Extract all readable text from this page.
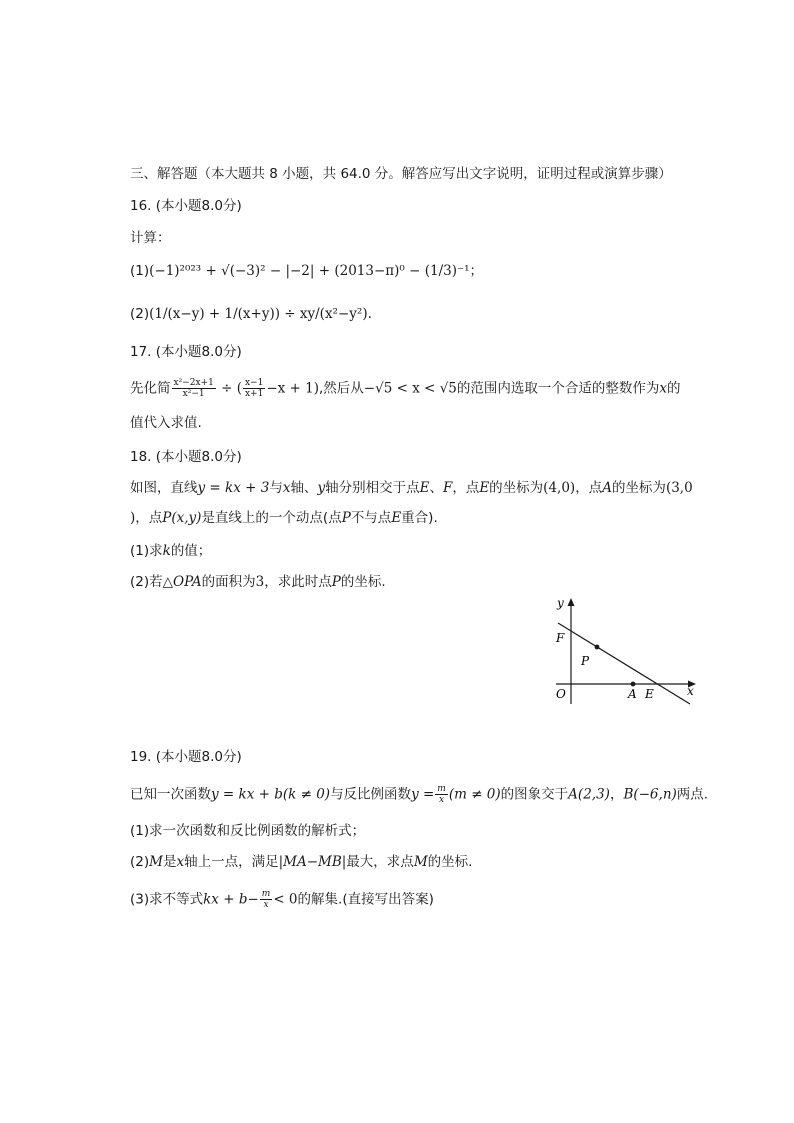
三、解答题（本大题共 8 小题，共 64.0 分。解答应写出文字说明，证明过程或演算步骤）
16. (本小题8.0分)
计算：
(1)(−1)²⁰²³ + √(−3)² − |−2| + (2013−π)⁰ − (1/3)⁻¹；
(2)(1/(x−y) + 1/(x+y)) ÷ xy/(x²−y²).
17. (本小题8.0分)
先化简 $\frac{\text{x²−2x+1}}{\text{x²−1}}$ ÷ ( $\frac{x-1}{x+1} -x + 1$),然后从−√5 < x < √5的范围内选取一个合适的整数作为x的
值代入求值.
18. (本小题8.0分)
如图，直线y = kx + 3与x轴、y轴分别相交于点E、F，点E的坐标为(4,0)，点A的坐标为(3,0
)，点P(x,y)是直线上的一个动点(点P不与点E重合).
(1)求k的值；
(2)若△OPA的面积为3，求此时点P的坐标.
y
F
P
O	A E	x
19. (本小题8.0分)
已知一次函数y = kx + b(k ≠ 0)与反比例函数$y = \frac{m}{x} (m \ne 0)$的图象交于A(2,3)，B(−6,n)两点.
(1)求一次函数和反比例函数的解析式；
(2)M是x轴上一点，满足|MA−MB|最大，求点M的坐标.
(3)求不等式kx + $b- \frac{m}{x} < 0$的解集.(直接写出答案)
